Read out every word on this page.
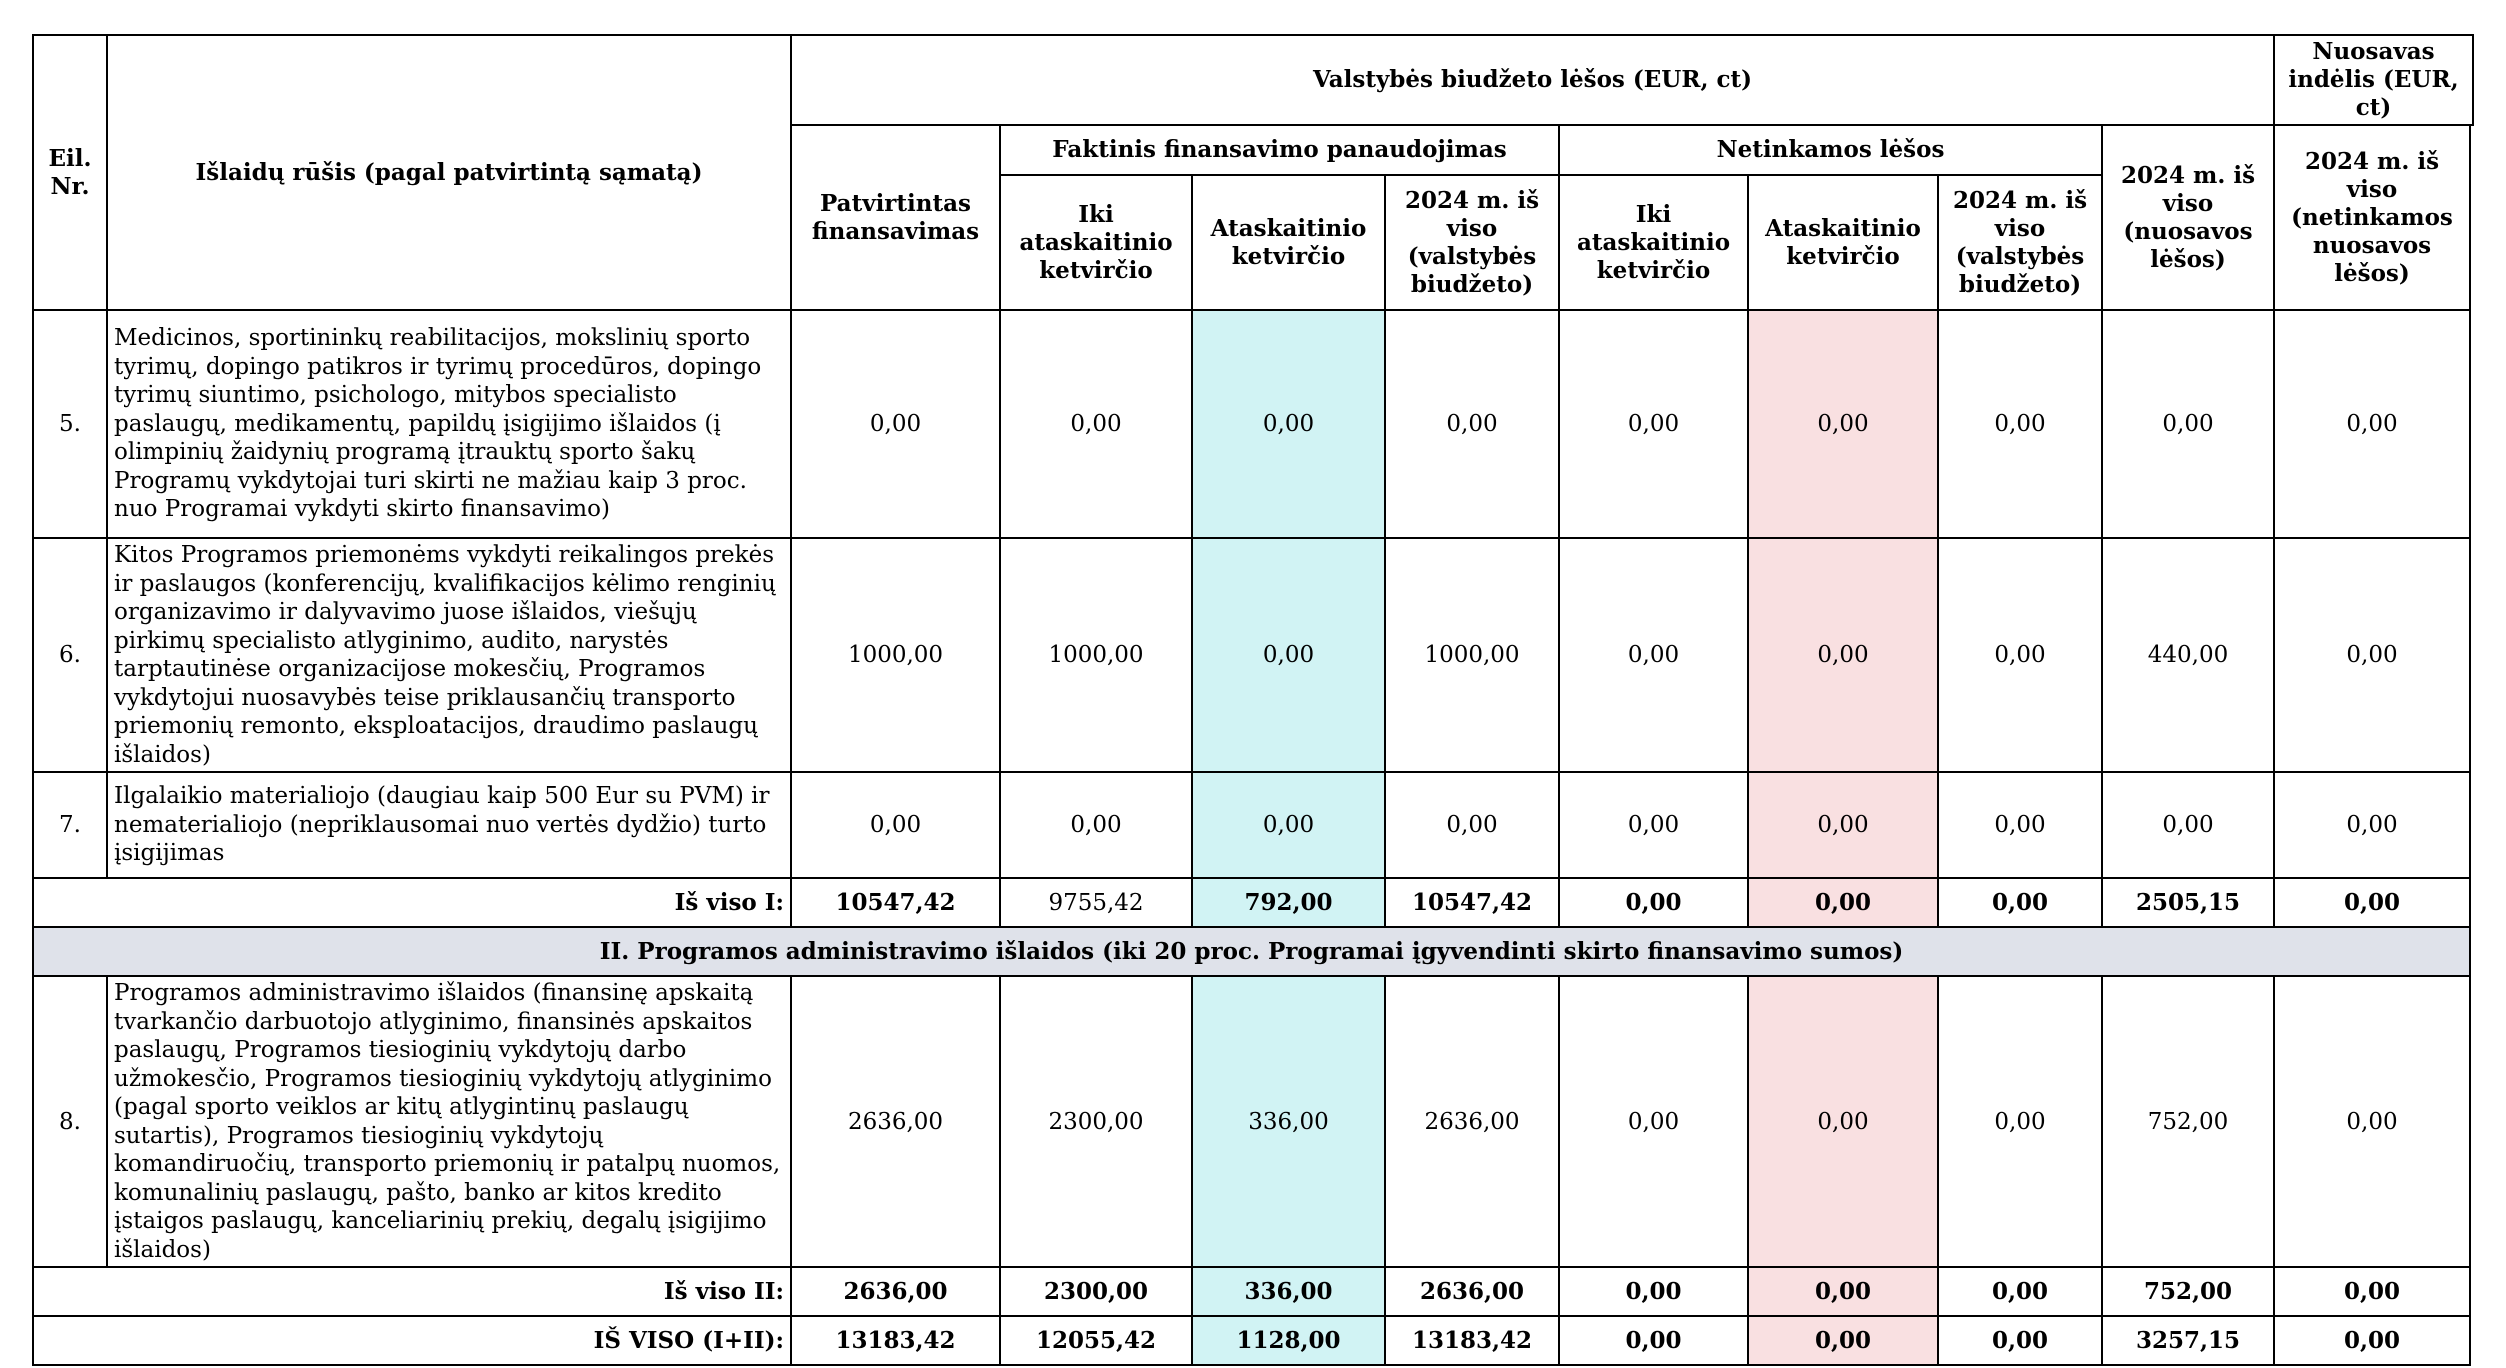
Eil. Nr.	Išlaidų rūšis (pagal patvirtintą sąmatą)	Valstybės biudžeto lėšos (EUR, ct)								Nuosavas indėlis (EUR, ct)
		Patvirtintas finansavimas	Faktinis finansavimo panaudojimas			Netinkamos lėšos			2024 m. iš viso (nuosavos lėšos)	2024 m. iš viso (netinkamos nuosavos lėšos)
			Iki ataskaitinio ketvirčio	Ataskaitinio ketvirčio	2024 m. iš viso (valstybės biudžeto)	Iki ataskaitinio ketvirčio	Ataskaitinio ketvirčio	2024 m. iš viso (valstybės biudžeto)		
5.	Medicinos, sportininkų reabilitacijos, mokslinių sporto tyrimų, dopingo patikros ir tyrimų procedūros, dopingo tyrimų siuntimo, psichologo, mitybos specialisto paslaugų, medikamentų, papildų įsigijimo išlaidos (į olimpinių žaidynių programą įtrauktų sporto šakų Programų vykdytojai turi skirti ne mažiau kaip 3 proc. nuo Programai vykdyti skirto finansavimo)	0,00	0,00	0,00	0,00	0,00	0,00	0,00	0,00	0,00
6.	Kitos Programos priemonėms vykdyti reikalingos prekės ir paslaugos (konferencijų, kvalifikacijos kėlimo renginių organizavimo ir dalyvavimo juose išlaidos, viešųjų pirkimų specialisto atlyginimo, audito, narystės tarptautinėse organizacijose mokesčių, Programos vykdytojui nuosavybės teise priklausančių transporto priemonių remonto, eksploatacijos, draudimo paslaugų išlaidos)	1000,00	1000,00	0,00	1000,00	0,00	0,00	0,00	440,00	0,00
7.	Ilgalaikio materialiojo (daugiau kaip 500 Eur su PVM) ir nematerialiojo (nepriklausomai nuo vertės dydžio) turto įsigijimas	0,00	0,00	0,00	0,00	0,00	0,00	0,00	0,00	0,00
Iš viso I:		10547,42	9755,42	792,00	10547,42	0,00	0,00	0,00	2505,15	0,00
II. Programos administravimo išlaidos (iki 20 proc. Programai įgyvendinti skirto finansavimo sumos)										
8.	Programos administravimo išlaidos (finansinę apskaitą tvarkančio darbuotojo atlyginimo, finansinės apskaitos paslaugų, Programos tiesioginių vykdytojų darbo užmokesčio, Programos tiesioginių vykdytojų atlyginimo (pagal sporto veiklos ar kitų atlygintinų paslaugų sutartis), Programos tiesioginių vykdytojų komandiruočių, transporto priemonių ir patalpų nuomos, komunalinių paslaugų, pašto, banko ar kitos kredito įstaigos paslaugų, kanceliarinių prekių, degalų įsigijimo išlaidos)	2636,00	2300,00	336,00	2636,00	0,00	0,00	0,00	752,00	0,00
Iš viso II:		2636,00	2300,00	336,00	2636,00	0,00	0,00	0,00	752,00	0,00
IŠ VISO (I+II):		13183,42	12055,42	1128,00	13183,42	0,00	0,00	0,00	3257,15	0,00
